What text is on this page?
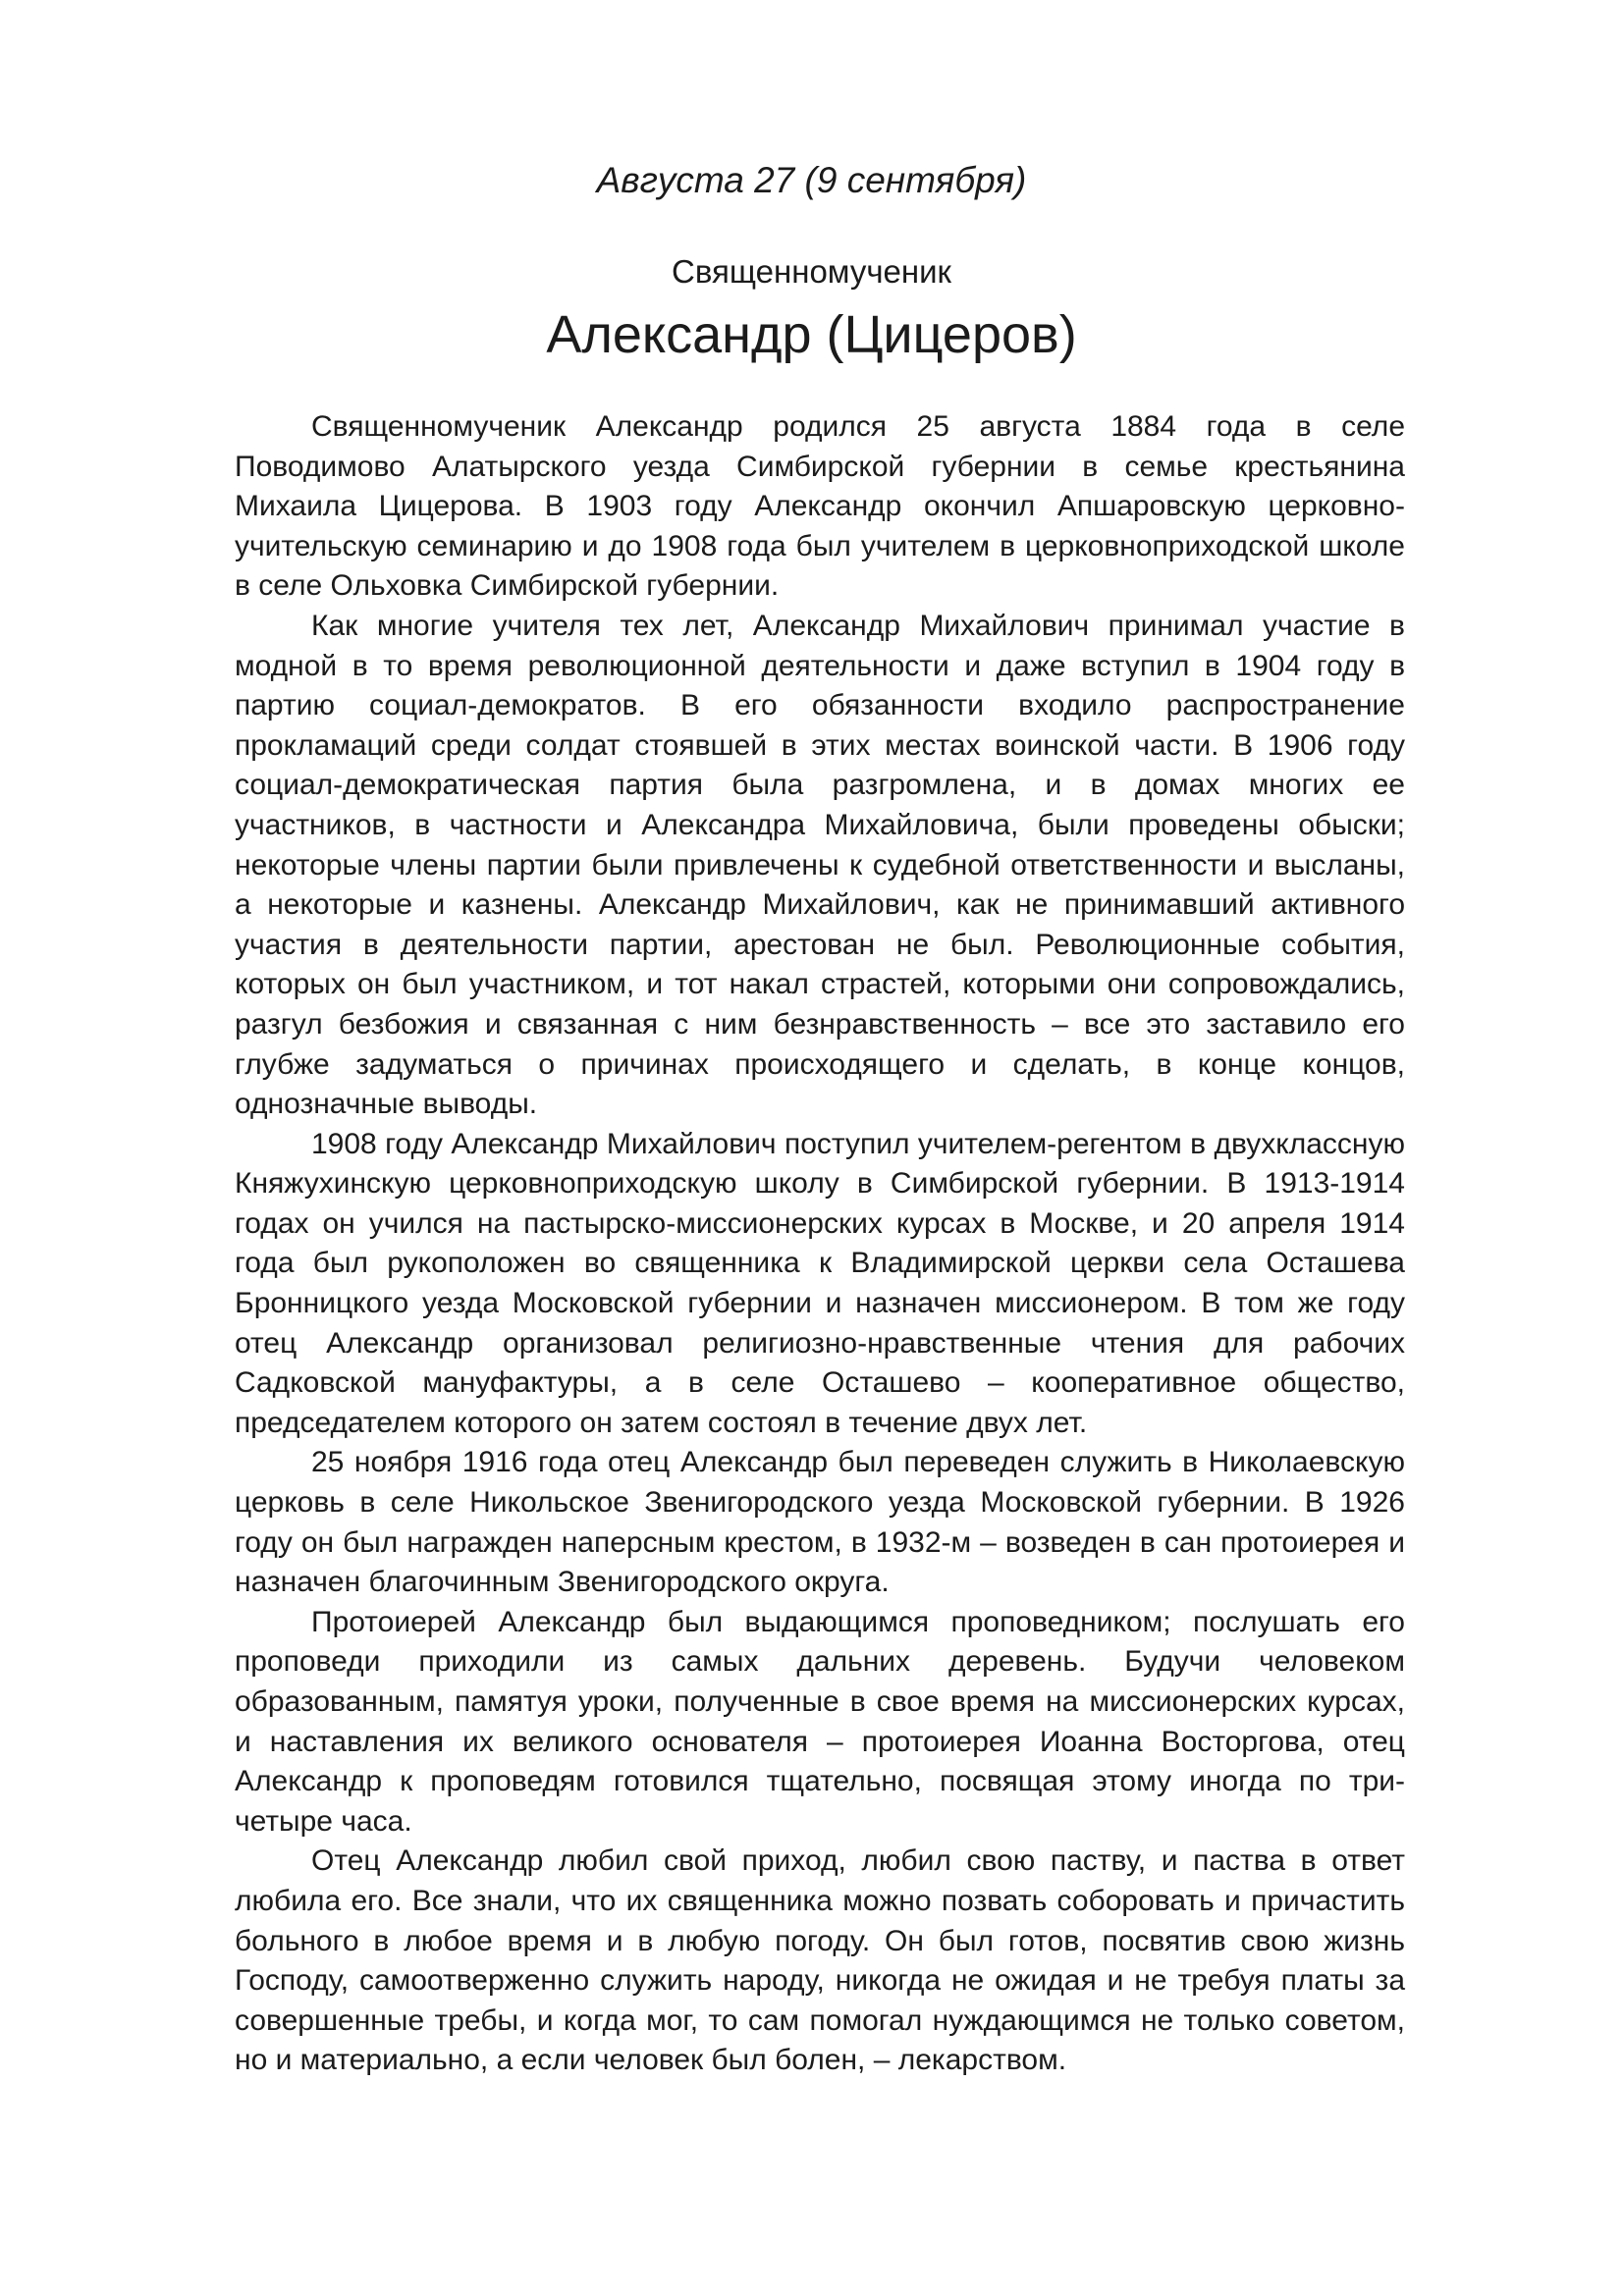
Августа 27 (9 сентября)

Священномученик

Александр (Цицеров)

Священномученик Александр родился 25 августа 1884 года в селе Поводимово Алатырского уезда Симбирской губернии в семье крестьянина Михаила Цицерова. В 1903 году Александр окончил Апшаровскую церковно-учительскую семинарию и до 1908 года был учителем в церковноприходской школе в селе Ольховка Симбирской губернии.

Как многие учителя тех лет, Александр Михайлович принимал участие в модной в то время революционной деятельности и даже вступил в 1904 году в партию социал-демократов. В его обязанности входило распространение прокламаций среди солдат стоявшей в этих местах воинской части. В 1906 году социал-демократическая партия была разгромлена, и в домах многих ее участников, в частности и Александра Михайловича, были проведены обыски; некоторые члены партии были привлечены к судебной ответственности и высланы, а некоторые и казнены. Александр Михайлович, как не принимавший активного участия в деятельности партии, арестован не был. Революционные события, которых он был участником, и тот накал страстей, которыми они сопровождались, разгул безбожия и связанная с ним безнравственность – все это заставило его глубже задуматься о причинах происходящего и сделать, в конце концов, однозначные выводы.

1908 году Александр Михайлович поступил учителем-регентом в двухклассную Княжухинскую церковноприходскую школу в Симбирской губернии. В 1913-1914 годах он учился на пастырско-миссионерских курсах в Москве, и 20 апреля 1914 года был рукоположен во священника к Владимирской церкви села Осташева Бронницкого уезда Московской губернии и назначен миссионером. В том же году отец Александр организовал религиозно-нравственные чтения для рабочих Садковской мануфактуры, а в селе Осташево – кооперативное общество, председателем которого он затем состоял в течение двух лет.

25 ноября 1916 года отец Александр был переведен служить в Николаевскую церковь в селе Никольское Звенигородского уезда Московской губернии. В 1926 году он был награжден наперсным крестом, в 1932-м – возведен в сан протоиерея и назначен благочинным Звенигородского округа.

Протоиерей Александр был выдающимся проповедником; послушать его проповеди приходили из самых дальних деревень. Будучи человеком образованным, памятуя уроки, полученные в свое время на миссионерских курсах, и наставления их великого основателя – протоиерея Иоанна Восторгова, отец Александр к проповедям готовился тщательно, посвящая этому иногда по три-четыре часа.

Отец Александр любил свой приход, любил свою паству, и паства в ответ любила его. Все знали, что их священника можно позвать соборовать и причастить больного в любое время и в любую погоду. Он был готов, посвятив свою жизнь Господу, самоотверженно служить народу, никогда не ожидая и не требуя платы за совершенные требы, и когда мог, то сам помогал нуждающимся не только советом, но и материально, а если человек был болен, – лекарством.
